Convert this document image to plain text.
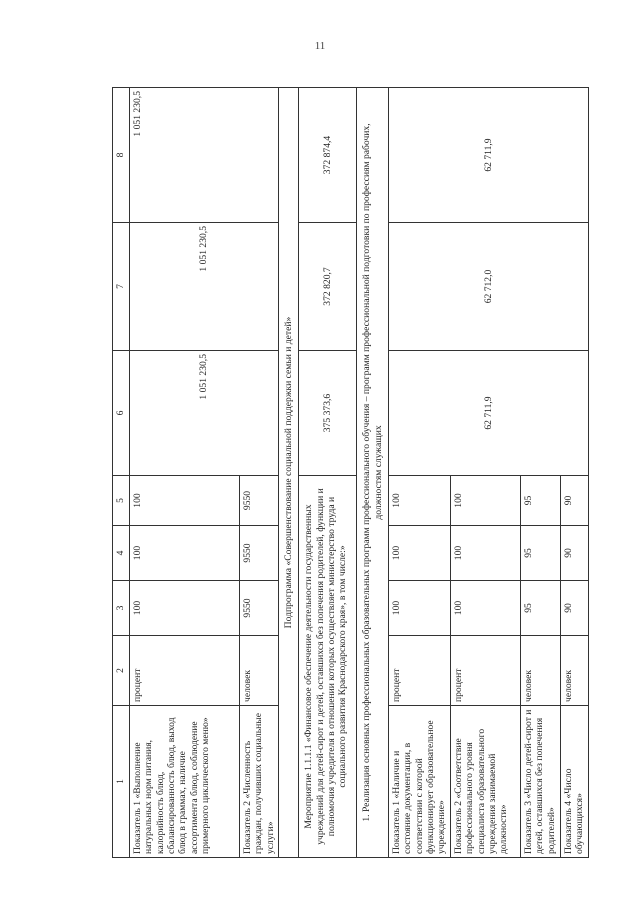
11
1	2	3	4	5	6	7	8
Показатель 1 «Выполнение натуральных норм питания, калорийность блюд, сбалансированность блюд, выход блюд в граммах, наличие ассортимента блюд, соблюдение примерного циклического меню»	процент	100	100	100	1 051 230,5	1 051 230,5	1 051 230,5
Показатель 2 «Численность граждан, получивших социальные услуги»	человек	9550	9550	9550			
Подпрограмма «Совершенствование социальной поддержки семьи и детей»							
Мероприятие 1.1.1.1 «Финансовое обеспечение деятельности государственных учреждений для детей-сирот и детей, оставшихся без попечения родителей, функции и полномочия учредителя в отношении которых осуществляет министерство труда и социального развития Краснодарского края», в том числе:»					375 373,6	372 820,7	372 874,4
1. Реализация основных профессиональных образовательных программ профессионального обучения – программ профессиональной подготовки по профессиям рабочих, должностям служащих							
Показатель 1 «Наличие и состояние документации, в соответствии с которой функционирует образовательное учреждение»	процент	100	100	100	62 711,9	62 712,0	62 711,9
Показатель 2 «Соответствие профессионального уровня специалиста образовательного учреждения занимаемой должности»	процент	100	100	100			
Показатель 3 «Число детей-сирот и детей, оставшихся без попечения родителей»	человек	95	95	95			
Показатель 4 «Число обучающихся»	человек	90	90	90			
